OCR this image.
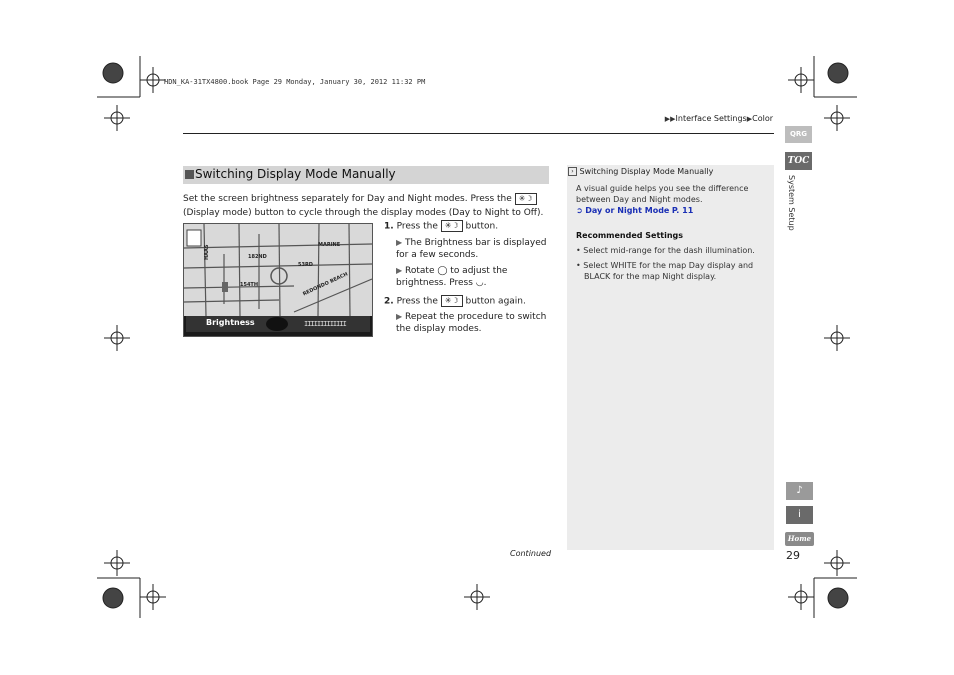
HDN_KA-31TX4800.book Page 29 Monday, January 30, 2012 11:32 PM
▶▶Interface Settings▶Color
Switching Display Mode Manually
Set the screen brightness separately for Day and Night modes. Press the ✳☽
(Display mode) button to cycle through the display modes (Day to Night to Off).
MARINE
182ND
53RD
154TH	REDONDO BEACH
HAAS
Brightness	IIIIIIIIIIIII
1. Press the ✳☽ button.
▶ The Brightness bar is displayed for a few seconds.
▶ Rotate ◯ to adjust the brightness. Press ◡.
2. Press the ✳☽ button again.
▶ Repeat the procedure to switch the display modes.
› Switching Display Mode Manually
A visual guide helps you see the difference between Day and Night modes.
➲ Day or Night Mode P. 11
Recommended Settings
• Select mid-range for the dash illumination.
• Select WHITE for the map Day display and BLACK for the map Night display.
Continued	29
QRG
TOC
System Setup
♪
i
Home
